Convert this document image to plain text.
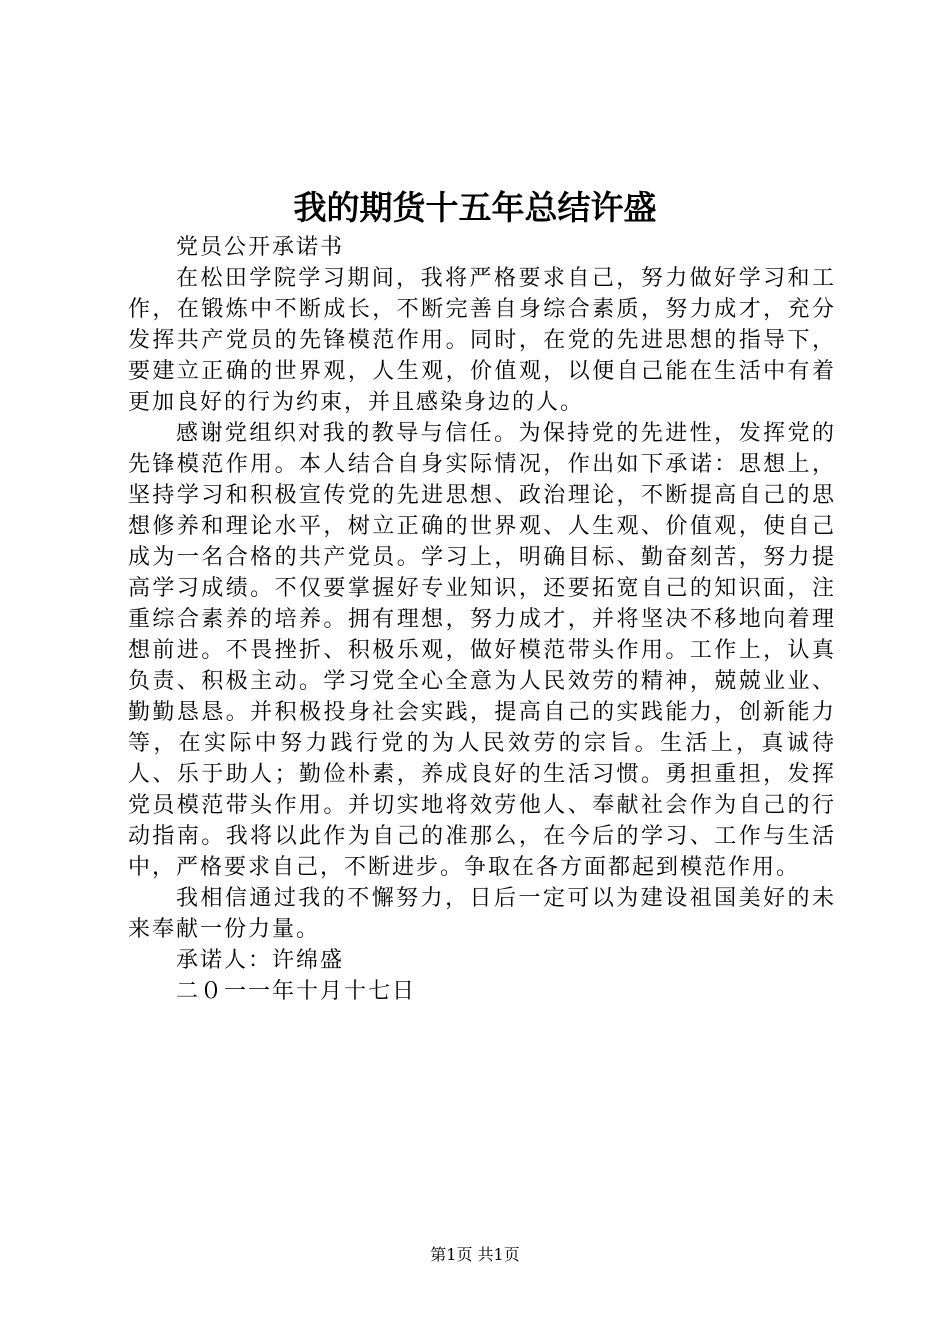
我的期货十五年总结许盛

党员公开承诺书

在松田学院学习期间，我将严格要求自己，努力做好学习和工作，在锻炼中不断成长，不断完善自身综合素质，努力成才，充分发挥共产党员的先锋模范作用。同时，在党的先进思想的指导下，要建立正确的世界观，人生观，价值观，以便自己能在生活中有着更加良好的行为约束，并且感染身边的人。

感谢党组织对我的教导与信任。为保持党的先进性，发挥党的先锋模范作用。本人结合自身实际情况，作出如下承诺：思想上，坚持学习和积极宣传党的先进思想、政治理论，不断提高自己的思想修养和理论水平，树立正确的世界观、人生观、价值观，使自己成为一名合格的共产党员。学习上，明确目标、勤奋刻苦，努力提高学习成绩。不仅要掌握好专业知识，还要拓宽自己的知识面，注重综合素养的培养。拥有理想，努力成才，并将坚决不移地向着理想前进。不畏挫折、积极乐观，做好模范带头作用。工作上，认真负责、积极主动。学习党全心全意为人民效劳的精神，兢兢业业、勤勤恳恳。并积极投身社会实践，提高自己的实践能力，创新能力等，在实际中努力践行党的为人民效劳的宗旨。生活上，真诚待人、乐于助人；勤俭朴素，养成良好的生活习惯。勇担重担，发挥党员模范带头作用。并切实地将效劳他人、奉献社会作为自己的行动指南。我将以此作为自己的准那么，在今后的学习、工作与生活中，严格要求自己，不断进步。争取在各方面都起到模范作用。

我相信通过我的不懈努力，日后一定可以为建设祖国美好的未来奉献一份力量。

承诺人：许绵盛

二０一一年十月十七日

第1页 共1页
